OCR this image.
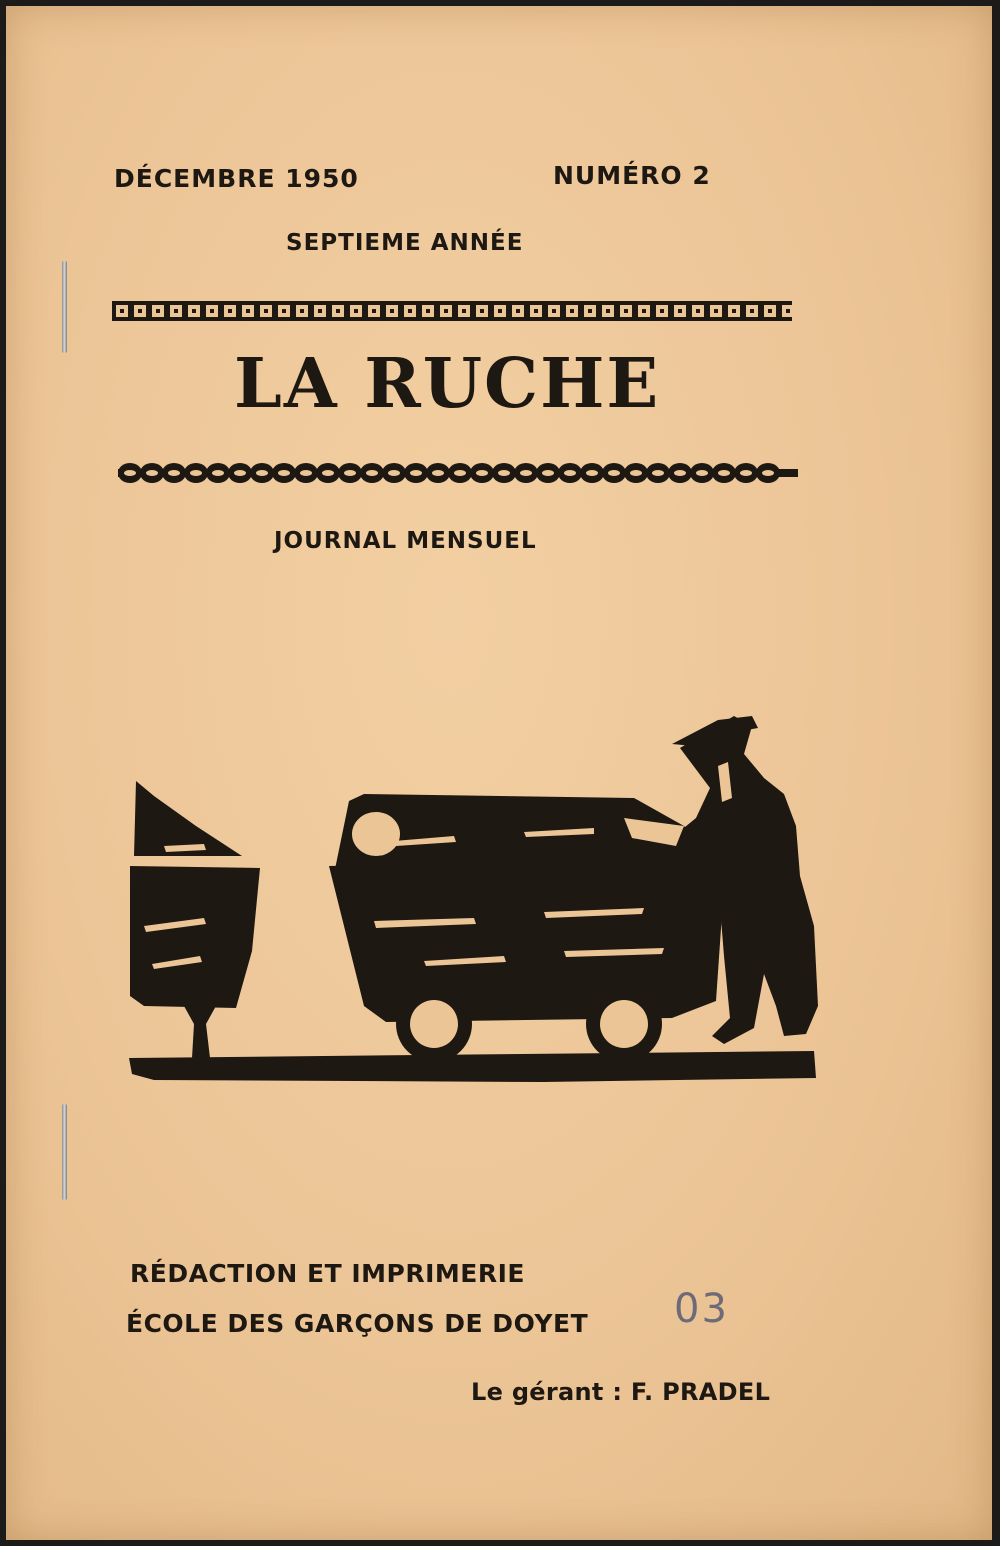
DÉCEMBRE 1950	NUMÉRO 2
SEPTIEME ANNÉE
LA RUCHE
JOURNAL MENSUEL
RÉDACTION ET IMPRIMERIE
ÉCOLE DES GARÇONS DE DOYET 03
Le gérant : F. PRADEL
